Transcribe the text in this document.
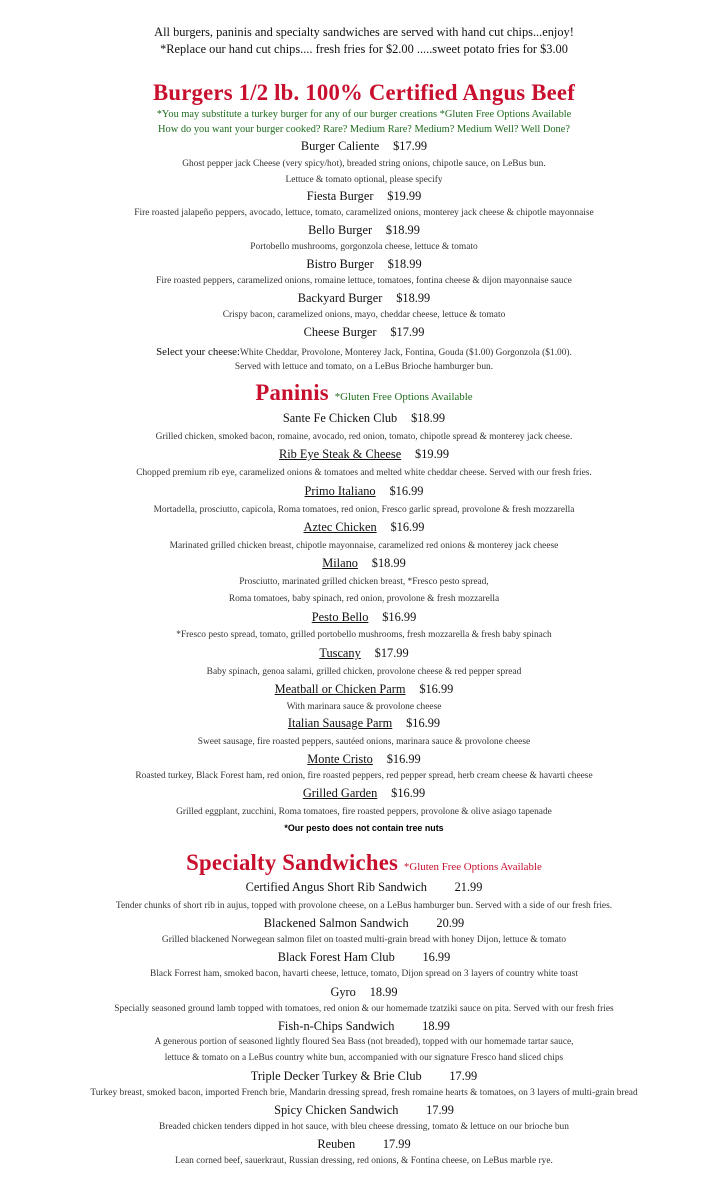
All burgers, paninis and specialty sandwiches are served with hand cut chips...enjoy!
*Replace our hand cut chips.... fresh fries for $2.00 .....sweet potato fries for $3.00
Burgers 1/2 lb. 100% Certified Angus Beef
*You may substitute a turkey burger for any of our burger creations *Gluten Free Options Available
How do you want your burger cooked? Rare? Medium Rare? Medium? Medium Well? Well Done?
Burger Caliente $17.99
Ghost pepper jack Cheese (very spicy/hot), breaded string onions, chipotle sauce, on LeBus bun.
Lettuce & tomato optional, please specify
Fiesta Burger $19.99
Fire roasted jalapeño peppers, avocado, lettuce, tomato, caramelized onions, monterey jack cheese & chipotle mayonnaise
Bello Burger $18.99
Portobello mushrooms, gorgonzola cheese, lettuce & tomato
Bistro Burger $18.99
Fire roasted peppers, caramelized onions, romaine lettuce, tomatoes, fontina cheese & dijon mayonnaise sauce
Backyard Burger $18.99
Crispy bacon, caramelized onions, mayo, cheddar cheese, lettuce & tomato
Cheese Burger $17.99
Select your cheese:White Cheddar, Provolone, Monterey Jack, Fontina, Gouda ($1.00) Gorgonzola ($1.00).
Served with lettuce and tomato, on a LeBus Brioche hamburger bun.
Paninis *Gluten Free Options Available
Sante Fe Chicken Club $18.99
Grilled chicken, smoked bacon, romaine, avocado, red onion, tomato, chipotle spread & monterey jack cheese.
Rib Eye Steak & Cheese $19.99
Chopped premium rib eye, caramelized onions & tomatoes and melted white cheddar cheese. Served with our fresh fries.
Primo Italiano $16.99
Mortadella, prosciutto, capicola, Roma tomatoes, red onion, Fresco garlic spread, provolone & fresh mozzarella
Aztec Chicken $16.99
Marinated grilled chicken breast, chipotle mayonnaise, caramelized red onions & monterey jack cheese
Milano $18.99
Prosciutto, marinated grilled chicken breast, *Fresco pesto spread,
Roma tomatoes, baby spinach, red onion, provolone & fresh mozzarella
Pesto Bello $16.99
*Fresco pesto spread, tomato, grilled portobello mushrooms, fresh mozzarella & fresh baby spinach
Tuscany $17.99
Baby spinach, genoa salami, grilled chicken, provolone cheese & red pepper spread
Meatball or Chicken Parm $16.99
With marinara sauce & provolone cheese
Italian Sausage Parm $16.99
Sweet sausage, fire roasted peppers, sautéed onions, marinara sauce & provolone cheese
Monte Cristo $16.99
Roasted turkey, Black Forest ham, red onion, fire roasted peppers, red pepper spread, herb cream cheese & havarti cheese
Grilled Garden $16.99
Grilled eggplant, zucchini, Roma tomatoes, fire roasted peppers, provolone & olive asiago tapenade
*Our pesto does not contain tree nuts
Specialty Sandwiches *Gluten Free Options Available
Certified Angus Short Rib Sandwich 21.99
Tender chunks of short rib in aujus, topped with provolone cheese, on a LeBus hamburger bun. Served with a side of our fresh fries.
Blackened Salmon Sandwich 20.99
Grilled blackened Norwegean salmon filet on toasted multi-grain bread with honey Dijon, lettuce & tomato
Black Forest Ham Club 16.99
Black Forrest ham, smoked bacon, havarti cheese, lettuce, tomato, Dijon spread on 3 layers of country white toast
Gyro 18.99
Specially seasoned ground lamb topped with tomatoes, red onion & our homemade tzatziki sauce on pita. Served with our fresh fries
Fish-n-Chips Sandwich 18.99
A generous portion of seasoned lightly floured Sea Bass (not breaded), topped with our homemade tartar sauce,
lettuce & tomato on a LeBus country white bun, accompanied with our signature Fresco hand sliced chips
Triple Decker Turkey & Brie Club 17.99
Turkey breast, smoked bacon, imported French brie, Mandarin dressing spread, fresh romaine hearts & tomatoes, on 3 layers of multi-grain bread
Spicy Chicken Sandwich 17.99
Breaded chicken tenders dipped in hot sauce, with bleu cheese dressing, tomato & lettuce on our brioche bun
Reuben 17.99
Lean corned beef, sauerkraut, Russian dressing, red onions, & Fontina cheese, on LeBus marble rye.
